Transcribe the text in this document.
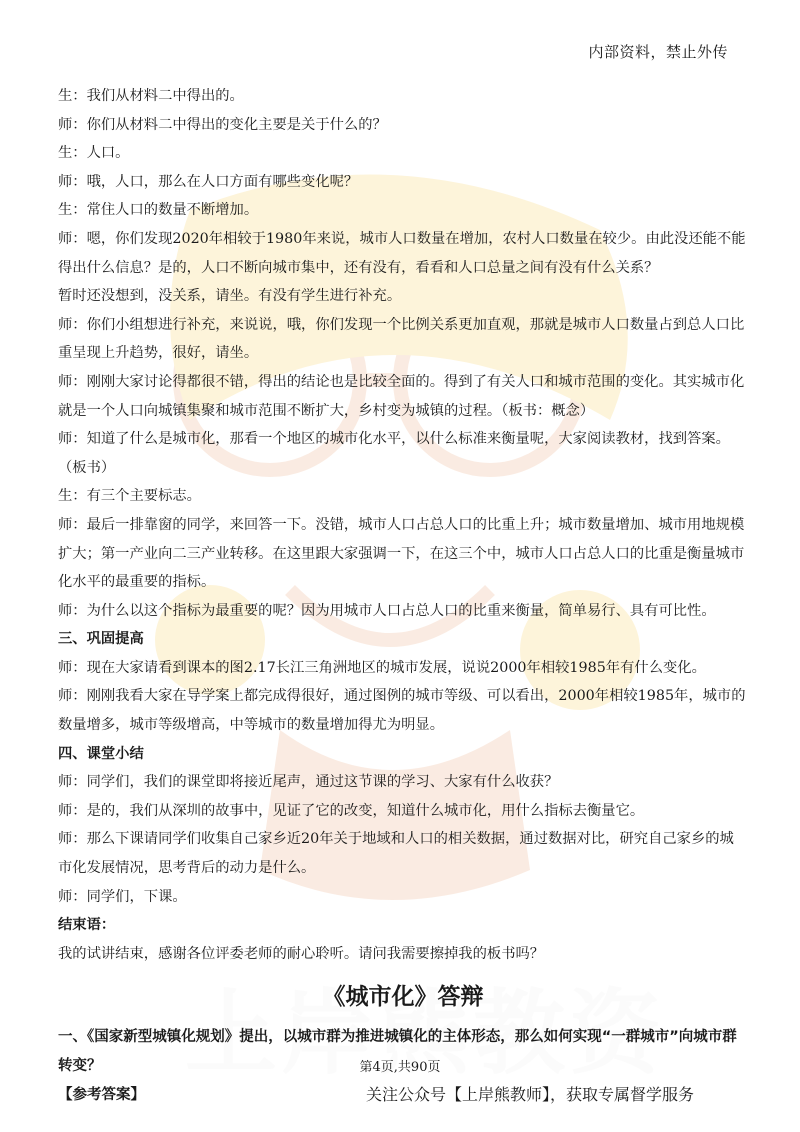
内部资料，禁止外传

生：我们从材料二中得出的。

师：你们从材料二中得出的变化主要是关于什么的？

生：人口。

师：哦，人口，那么在人口方面有哪些变化呢？

生：常住人口的数量不断增加。

师：嗯，你们发现2020年相较于1980年来说，城市人口数量在增加，农村人口数量在较少。由此没还能不能得出什么信息？是的，人口不断向城市集中，还有没有，看看和人口总量之间有没有什么关系？

暂时还没想到，没关系，请坐。有没有学生进行补充。

师：你们小组想进行补充，来说说，哦，你们发现一个比例关系更加直观，那就是城市人口数量占到总人口比重呈现上升趋势，很好，请坐。

师：刚刚大家讨论得都很不错，得出的结论也是比较全面的。得到了有关人口和城市范围的变化。其实城市化就是一个人口向城镇集聚和城市范围不断扩大，乡村变为城镇的过程。（板书：概念）

师：知道了什么是城市化，那看一个地区的城市化水平，以什么标准来衡量呢，大家阅读教材，找到答案。（板书）

生：有三个主要标志。

师：最后一排靠窗的同学，来回答一下。没错，城市人口占总人口的比重上升；城市数量增加、城市用地规模扩大；第一产业向二三产业转移。在这里跟大家强调一下，在这三个中，城市人口占总人口的比重是衡量城市化水平的最重要的指标。

师：为什么以这个指标为最重要的呢？因为用城市人口占总人口的比重来衡量，简单易行、具有可比性。

三、巩固提高

师：现在大家请看到课本的图2.17长江三角洲地区的城市发展，说说2000年相较1985年有什么变化。

师：刚刚我看大家在导学案上都完成得很好，通过图例的城市等级、可以看出，2000年相较1985年，城市的数量增多，城市等级增高，中等城市的数量增加得尤为明显。

四、课堂小结

师：同学们，我们的课堂即将接近尾声，通过这节课的学习、大家有什么收获？

师：是的，我们从深圳的故事中，见证了它的改变，知道什么城市化，用什么指标去衡量它。

师：那么下课请同学们收集自己家乡近20年关于地域和人口的相关数据，通过数据对比，研究自己家乡的城市化发展情况，思考背后的动力是什么。

师：同学们，下课。

结束语：

我的试讲结束，感谢各位评委老师的耐心聆听。请问我需要擦掉我的板书吗？

《城市化》答辩

一、《国家新型城镇化规划》提出，以城市群为推进城镇化的主体形态，那么如何实现“一群城市”向城市群转变？

【参考答案】

第4页,共90页
关注公众号【上岸熊教师】，获取专属督学服务
